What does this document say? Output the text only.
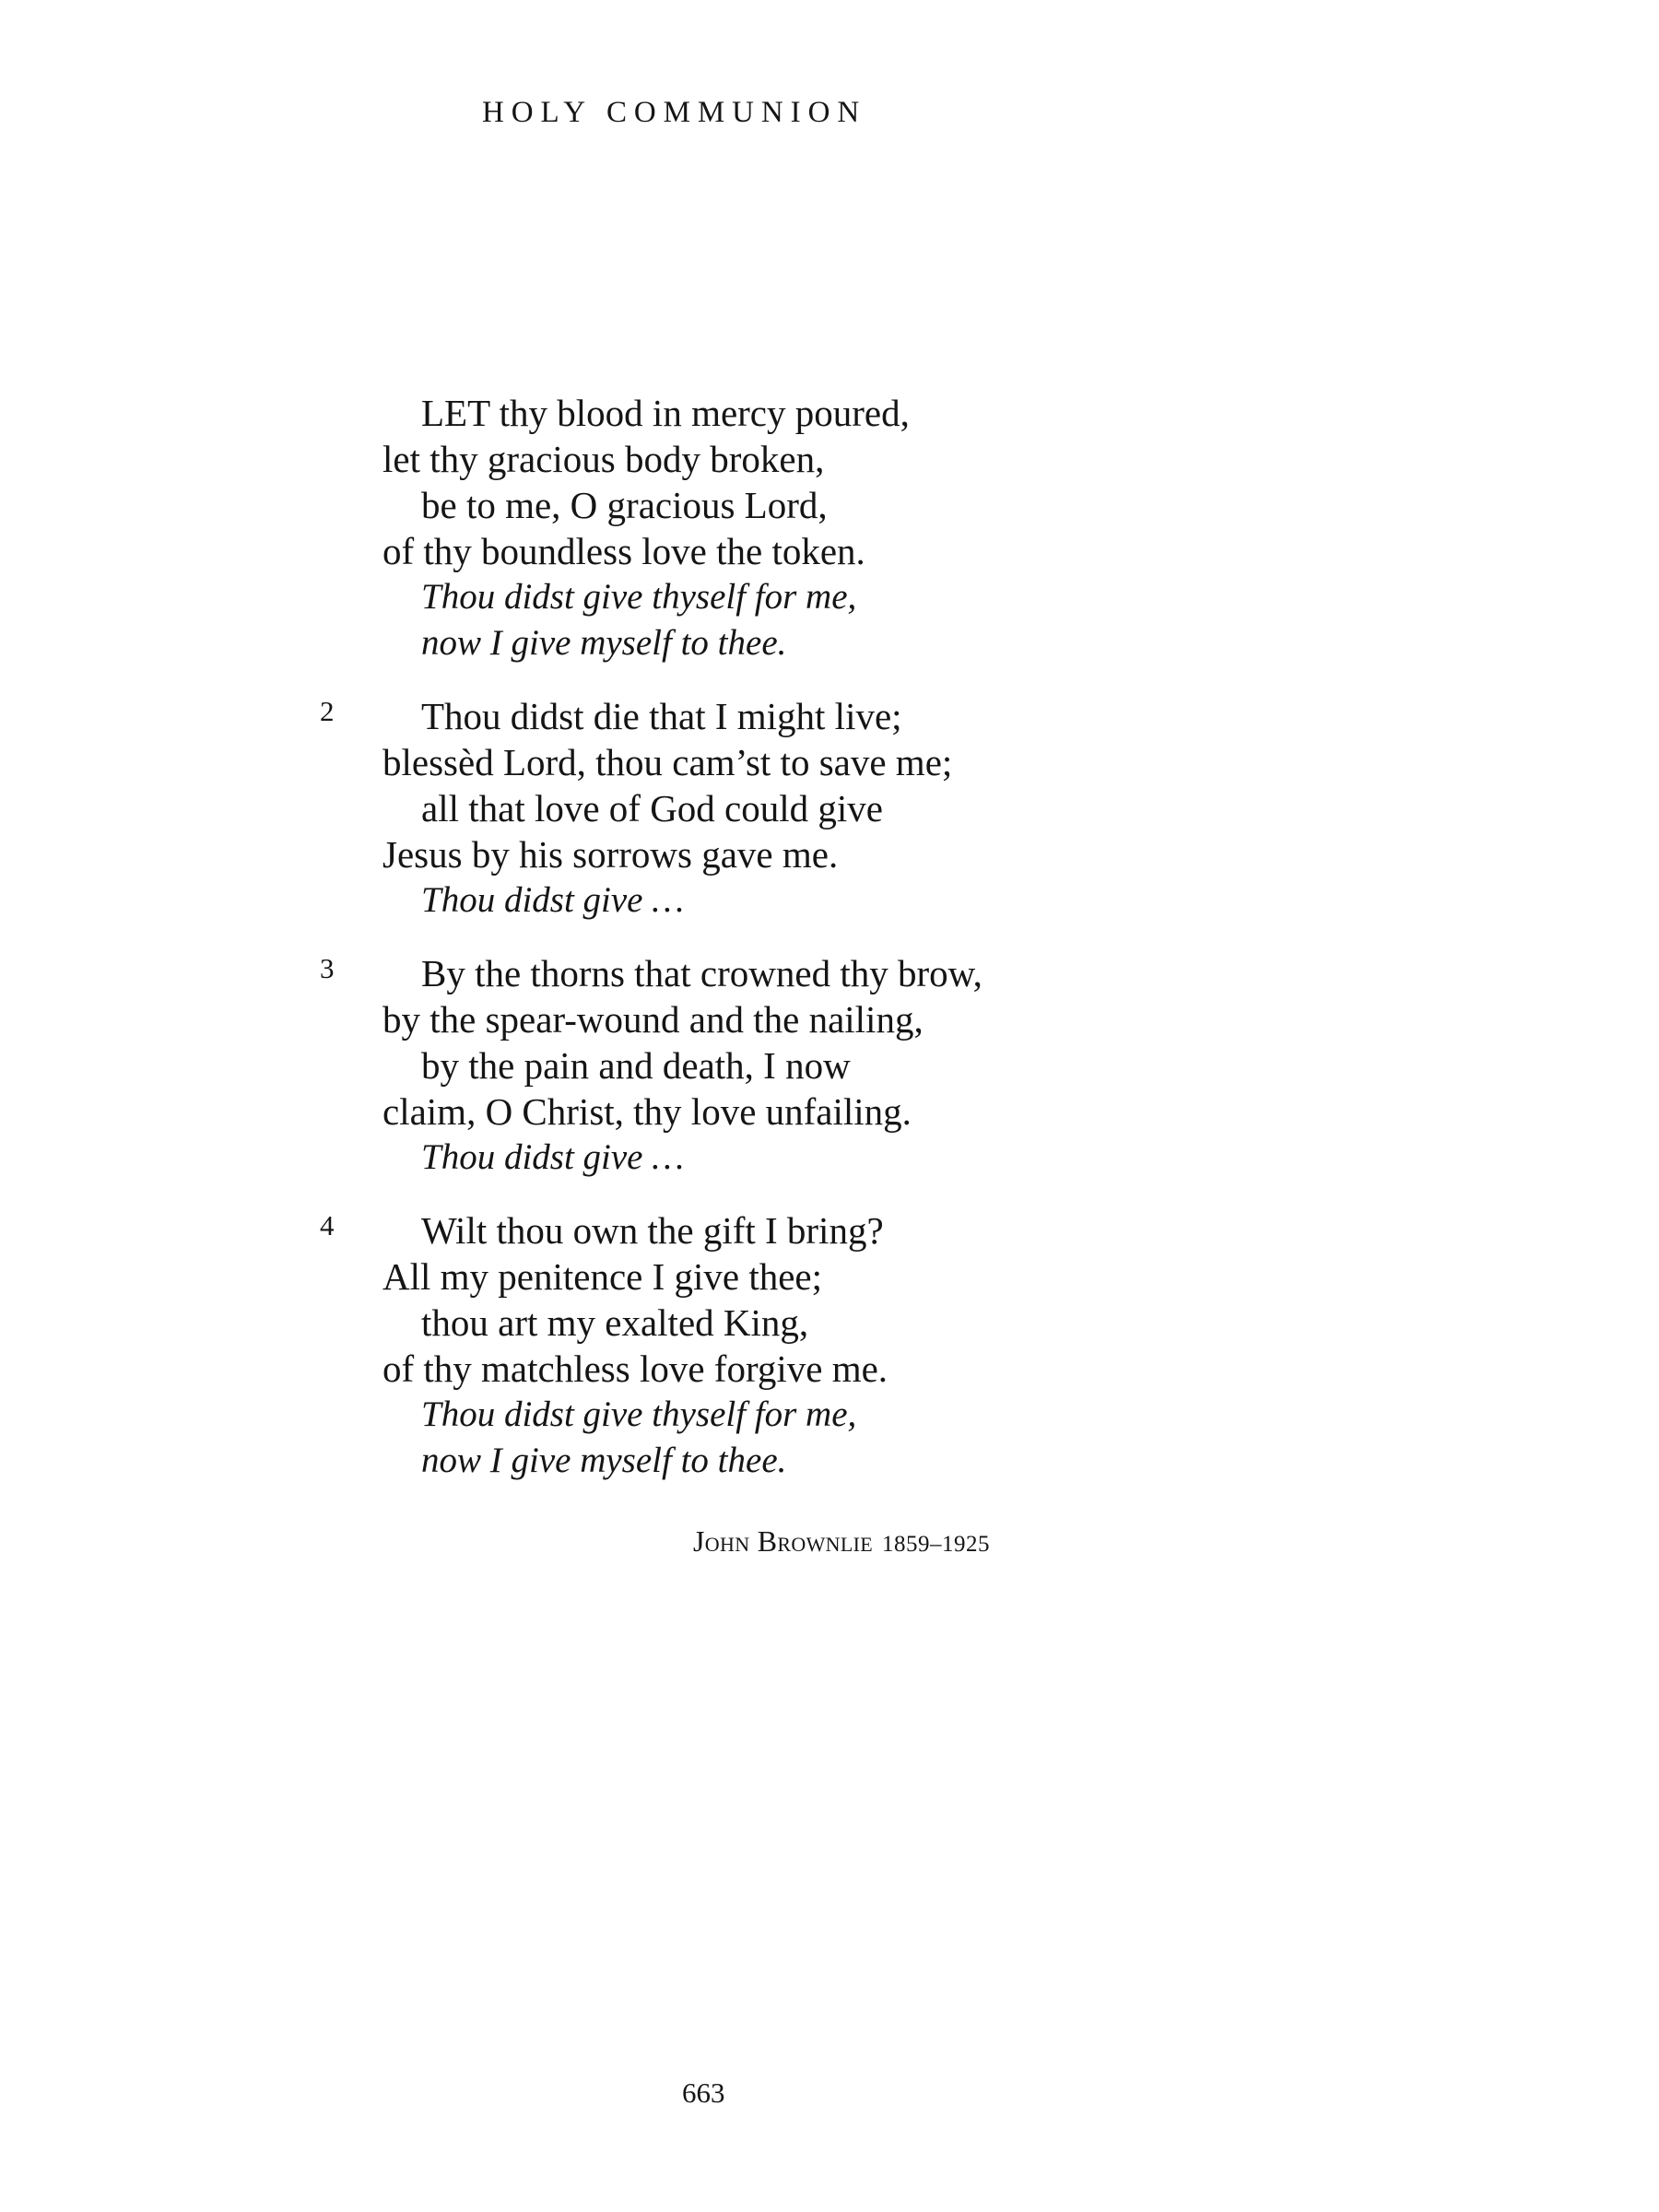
HOLY COMMUNION
LET thy blood in mercy poured,
let thy gracious body broken,
be to me, O gracious Lord,
of thy boundless love the token.
Thou didst give thyself for me,
now I give myself to thee.
2	Thou didst die that I might live;
blessèd Lord, thou cam’st to save me;
all that love of God could give
Jesus by his sorrows gave me.
Thou didst give …
3	By the thorns that crowned thy brow,
by the spear-wound and the nailing,
by the pain and death, I now
claim, O Christ, thy love unfailing.
Thou didst give …
4	Wilt thou own the gift I bring?
All my penitence I give thee;
thou art my exalted King,
of thy matchless love forgive me.
Thou didst give thyself for me,
now I give myself to thee.
John Brownlie 1859–1925
663
